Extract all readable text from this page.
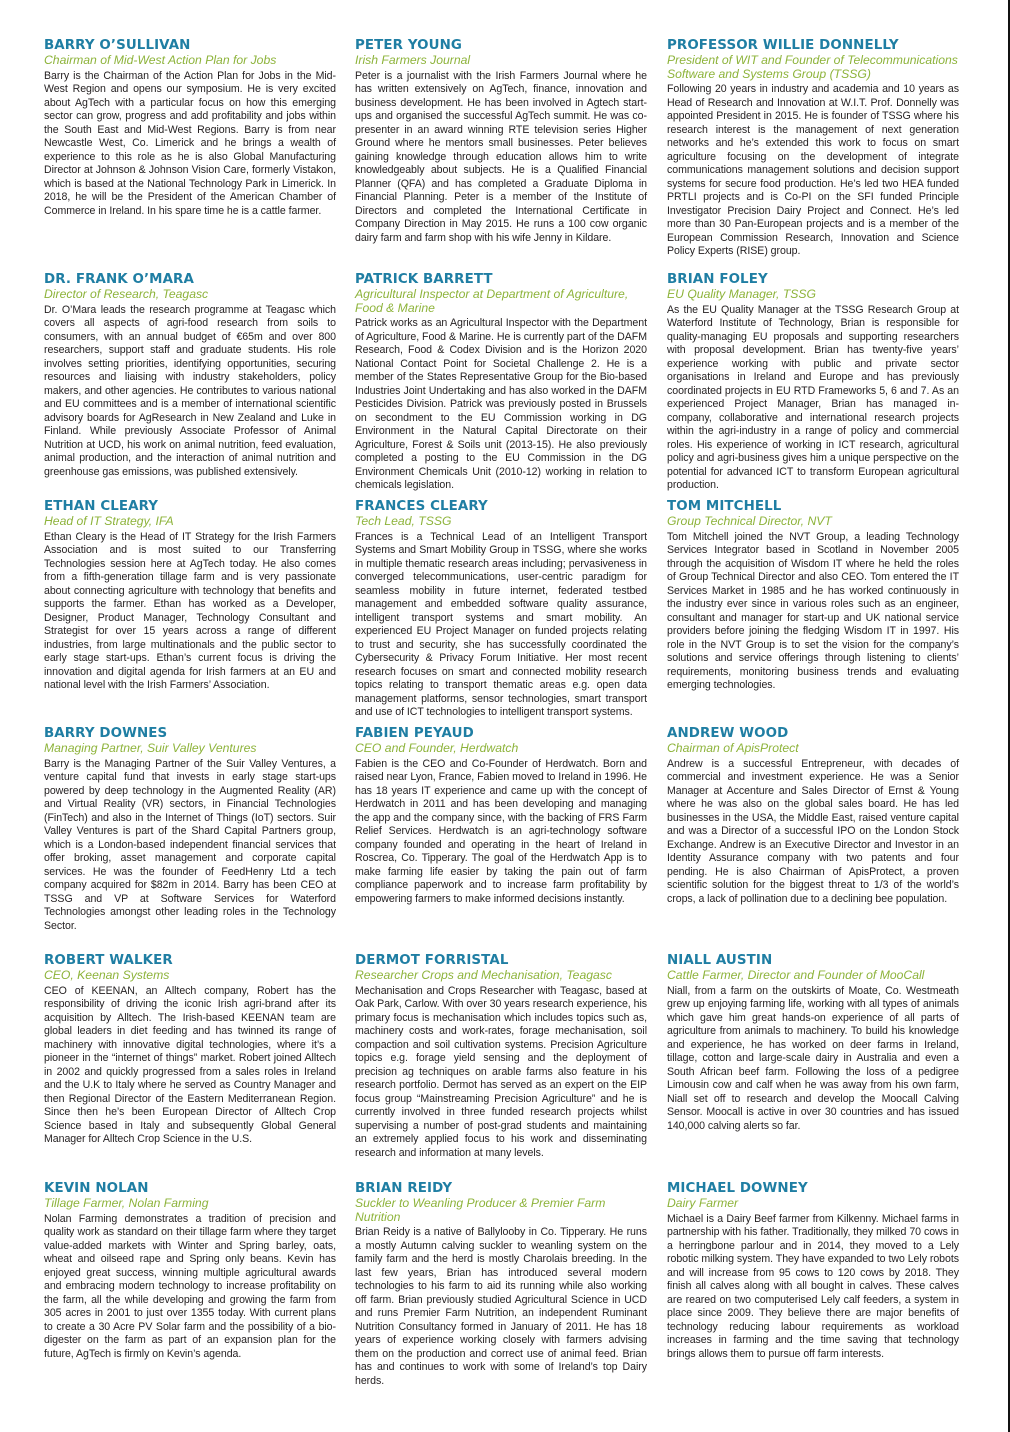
BARRY O’SULLIVAN

Chairman of Mid-West Action Plan for Jobs

Barry is the Chairman of the Action Plan for Jobs in the Mid-West Region and opens our symposium. He is very excited about AgTech with a particular focus on how this emerging sector can grow, progress and add profitability and jobs within the South East and Mid-West Regions. Barry is from near Newcastle West, Co. Limerick and he brings a wealth of experience to this role as he is also Global Manufacturing Director at Johnson & Johnson Vision Care, formerly Vistakon, which is based at the National Technology Park in Limerick. In 2018, he will be the President of the American Chamber of Commerce in Ireland. In his spare time he is a cattle farmer.

PETER YOUNG

Irish Farmers Journal

Peter is a journalist with the Irish Farmers Journal where he has written extensively on AgTech, finance, innovation and business development. He has been involved in Agtech start-ups and organised the successful AgTech summit. He was co-presenter in an award winning RTE television series Higher Ground where he mentors small businesses. Peter believes gaining knowledge through education allows him to write knowledgeably about subjects. He is a Qualified Financial Planner (QFA) and has completed a Graduate Diploma in Financial Planning. Peter is a member of the Institute of Directors and completed the International Certificate in Company Direction in May 2015. He runs a 100 cow organic dairy farm and farm shop with his wife Jenny in Kildare.

PROFESSOR WILLIE DONNELLY

President of WIT and Founder of Telecommunications Software and Systems Group (TSSG)

Following 20 years in industry and academia and 10 years as Head of Research and Innovation at W.I.T. Prof. Donnelly was appointed President in 2015. He is founder of TSSG where his research interest is the management of next generation networks and he’s extended this work to focus on smart agriculture focusing on the development of integrate communications management solutions and decision support systems for secure food production. He’s led two HEA funded PRTLI projects and is Co-PI on the SFI funded Principle Investigator Precision Dairy Project and Connect. He’s led more than 30 Pan-European projects and is a member of the European Commission Research, Innovation and Science Policy Experts (RISE) group.

DR. FRANK O’MARA

Director of Research, Teagasc

Dr. O’Mara leads the research programme at Teagasc which covers all aspects of agri-food research from soils to consumers, with an annual budget of €65m and over 800 researchers, support staff and graduate students. His role involves setting priorities, identifying opportunities, securing resources and liaising with industry stakeholders, policy makers, and other agencies. He contributes to various national and EU committees and is a member of international scientific advisory boards for AgResearch in New Zealand and Luke in Finland. While previously Associate Professor of Animal Nutrition at UCD, his work on animal nutrition, feed evaluation, animal production, and the interaction of animal nutrition and greenhouse gas emissions, was published extensively.

PATRICK BARRETT

Agricultural Inspector at Department of Agriculture, Food & Marine

Patrick works as an Agricultural Inspector with the Department of Agriculture, Food & Marine. He is currently part of the DAFM Research, Food & Codex Division and is the Horizon 2020 National Contact Point for Societal Challenge 2. He is a member of the States Representative Group for the Bio-based Industries Joint Undertaking and has also worked in the DAFM Pesticides Division. Patrick was previously posted in Brussels on secondment to the EU Commission working in DG Environment in the Natural Capital Directorate on their Agriculture, Forest & Soils unit (2013-15). He also previously completed a posting to the EU Commission in the DG Environment Chemicals Unit (2010-12) working in relation to chemicals legislation.

BRIAN FOLEY

EU Quality Manager, TSSG

As the EU Quality Manager at the TSSG Research Group at Waterford Institute of Technology, Brian is responsible for quality-managing EU proposals and supporting researchers with proposal development. Brian has twenty-five years’ experience working with public and private sector organisations in Ireland and Europe and has previously coordinated projects in EU RTD Frameworks 5, 6 and 7. As an experienced Project Manager, Brian has managed in-company, collaborative and international research projects within the agri-industry in a range of policy and commercial roles. His experience of working in ICT research, agricultural policy and agri-business gives him a unique perspective on the potential for advanced ICT to transform European agricultural production.

ETHAN CLEARY

Head of IT Strategy, IFA

Ethan Cleary is the Head of IT Strategy for the Irish Farmers Association and is most suited to our Transferring Technologies session here at AgTech today. He also comes from a fifth-generation tillage farm and is very passionate about connecting agriculture with technology that benefits and supports the farmer. Ethan has worked as a Developer, Designer, Product Manager, Technology Consultant and Strategist for over 15 years across a range of different industries, from large multinationals and the public sector to early stage start-ups. Ethan’s current focus is driving the innovation and digital agenda for Irish farmers at an EU and national level with the Irish Farmers’ Association.

FRANCES CLEARY

Tech Lead, TSSG

Frances is a Technical Lead of an Intelligent Transport Systems and Smart Mobility Group in TSSG, where she works in multiple thematic research areas including; pervasiveness in converged telecommunications, user-centric paradigm for seamless mobility in future internet, federated testbed management and embedded software quality assurance, intelligent transport systems and smart mobility. An experienced EU Project Manager on funded projects relating to trust and security, she has successfully coordinated the Cybersecurity & Privacy Forum Initiative. Her most recent research focuses on smart and connected mobility research topics relating to transport thematic areas e.g. open data management platforms, sensor technologies, smart transport and use of ICT technologies to intelligent transport systems.

TOM MITCHELL

Group Technical Director, NVT

Tom Mitchell joined the NVT Group, a leading Technology Services Integrator based in Scotland in November 2005 through the acquisition of Wisdom IT where he held the roles of Group Technical Director and also CEO. Tom entered the IT Services Market in 1985 and he has worked continuously in the industry ever since in various roles such as an engineer, consultant and manager for start-up and UK national service providers before joining the fledging Wisdom IT in 1997. His role in the NVT Group is to set the vision for the company’s solutions and service offerings through listening to clients’ requirements, monitoring business trends and evaluating emerging technologies.

BARRY DOWNES

Managing Partner, Suir Valley Ventures

Barry is the Managing Partner of the Suir Valley Ventures, a venture capital fund that invests in early stage start-ups powered by deep technology in the Augmented Reality (AR) and Virtual Reality (VR) sectors, in Financial Technologies (FinTech) and also in the Internet of Things (IoT) sectors. Suir Valley Ventures is part of the Shard Capital Partners group, which is a London-based independent financial services that offer broking, asset management and corporate capital services. He was the founder of FeedHenry Ltd a tech company acquired for $82m in 2014. Barry has been CEO at TSSG and VP at Software Services for Waterford Technologies amongst other leading roles in the Technology Sector.

FABIEN PEYAUD

CEO and Founder, Herdwatch

Fabien is the CEO and Co-Founder of Herdwatch. Born and raised near Lyon, France, Fabien moved to Ireland in 1996. He has 18 years IT experience and came up with the concept of Herdwatch in 2011 and has been developing and managing the app and the company since, with the backing of FRS Farm Relief Services. Herdwatch is an agri-technology software company founded and operating in the heart of Ireland in Roscrea, Co. Tipperary. The goal of the Herdwatch App is to make farming life easier by taking the pain out of farm compliance paperwork and to increase farm profitability by empowering farmers to make informed decisions instantly.

ANDREW WOOD

Chairman of ApisProtect

Andrew is a successful Entrepreneur, with decades of commercial and investment experience. He was a Senior Manager at Accenture and Sales Director of Ernst & Young where he was also on the global sales board. He has led businesses in the USA, the Middle East, raised venture capital and was a Director of a successful IPO on the London Stock Exchange. Andrew is an Executive Director and Investor in an Identity Assurance company with two patents and four pending. He is also Chairman of ApisProtect, a proven scientific solution for the biggest threat to 1/3 of the world’s crops, a lack of pollination due to a declining bee population.

ROBERT WALKER

CEO, Keenan Systems

CEO of KEENAN, an Alltech company, Robert has the responsibility of driving the iconic Irish agri-brand after its acquisition by Alltech. The Irish-based KEENAN team are global leaders in diet feeding and has twinned its range of machinery with innovative digital technologies, where it’s a pioneer in the “internet of things” market. Robert joined Alltech in 2002 and quickly progressed from a sales roles in Ireland and the U.K to Italy where he served as Country Manager and then Regional Director of the Eastern Mediterranean Region. Since then he’s been European Director of Alltech Crop Science based in Italy and subsequently Global General Manager for Alltech Crop Science in the U.S.

DERMOT FORRISTAL

Researcher Crops and Mechanisation, Teagasc

Mechanisation and Crops Researcher with Teagasc, based at Oak Park, Carlow. With over 30 years research experience, his primary focus is mechanisation which includes topics such as, machinery costs and work-rates, forage mechanisation, soil compaction and soil cultivation systems. Precision Agriculture topics e.g. forage yield sensing and the deployment of precision ag techniques on arable farms also feature in his research portfolio. Dermot has served as an expert on the EIP focus group “Mainstreaming Precision Agriculture” and he is currently involved in three funded research projects whilst supervising a number of post-grad students and maintaining an extremely applied focus to his work and disseminating research and information at many levels.

NIALL AUSTIN

Cattle Farmer, Director and Founder of MooCall

Niall, from a farm on the outskirts of Moate, Co. Westmeath grew up enjoying farming life, working with all types of animals which gave him great hands-on experience of all parts of agriculture from animals to machinery. To build his knowledge and experience, he has worked on deer farms in Ireland, tillage, cotton and large-scale dairy in Australia and even a South African beef farm. Following the loss of a pedigree Limousin cow and calf when he was away from his own farm, Niall set off to research and develop the Moocall Calving Sensor. Moocall is active in over 30 countries and has issued 140,000 calving alerts so far.

KEVIN NOLAN

Tillage Farmer, Nolan Farming

Nolan Farming demonstrates a tradition of precision and quality work as standard on their tillage farm where they target value-added markets with Winter and Spring barley, oats, wheat and oilseed rape and Spring only beans. Kevin has enjoyed great success, winning multiple agricultural awards and embracing modern technology to increase profitability on the farm, all the while developing and growing the farm from 305 acres in 2001 to just over 1355 today. With current plans to create a 30 Acre PV Solar farm and the possibility of a bio-digester on the farm as part of an expansion plan for the future, AgTech is firmly on Kevin’s agenda.

BRIAN REIDY

Suckler to Weanling Producer & Premier Farm Nutrition

Brian Reidy is a native of Ballylooby in Co. Tipperary. He runs a mostly Autumn calving suckler to weanling system on the family farm and the herd is mostly Charolais breeding. In the last few years, Brian has introduced several modern technologies to his farm to aid its running while also working off farm. Brian previously studied Agricultural Science in UCD and runs Premier Farm Nutrition, an independent Ruminant Nutrition Consultancy formed in January of 2011. He has 18 years of experience working closely with farmers advising them on the production and correct use of animal feed. Brian has and continues to work with some of Ireland’s top Dairy herds.

MICHAEL DOWNEY

Dairy Farmer

Michael is a Dairy Beef farmer from Kilkenny. Michael farms in partnership with his father. Traditionally, they milked 70 cows in a herringbone parlour and in 2014, they moved to a Lely robotic milking system. They have expanded to two Lely robots and will increase from 95 cows to 120 cows by 2018. They finish all calves along with all bought in calves. These calves are reared on two computerised Lely calf feeders, a system in place since 2009. They believe there are major benefits of technology reducing labour requirements as workload increases in farming and the time saving that technology brings allows them to pursue off farm interests.
